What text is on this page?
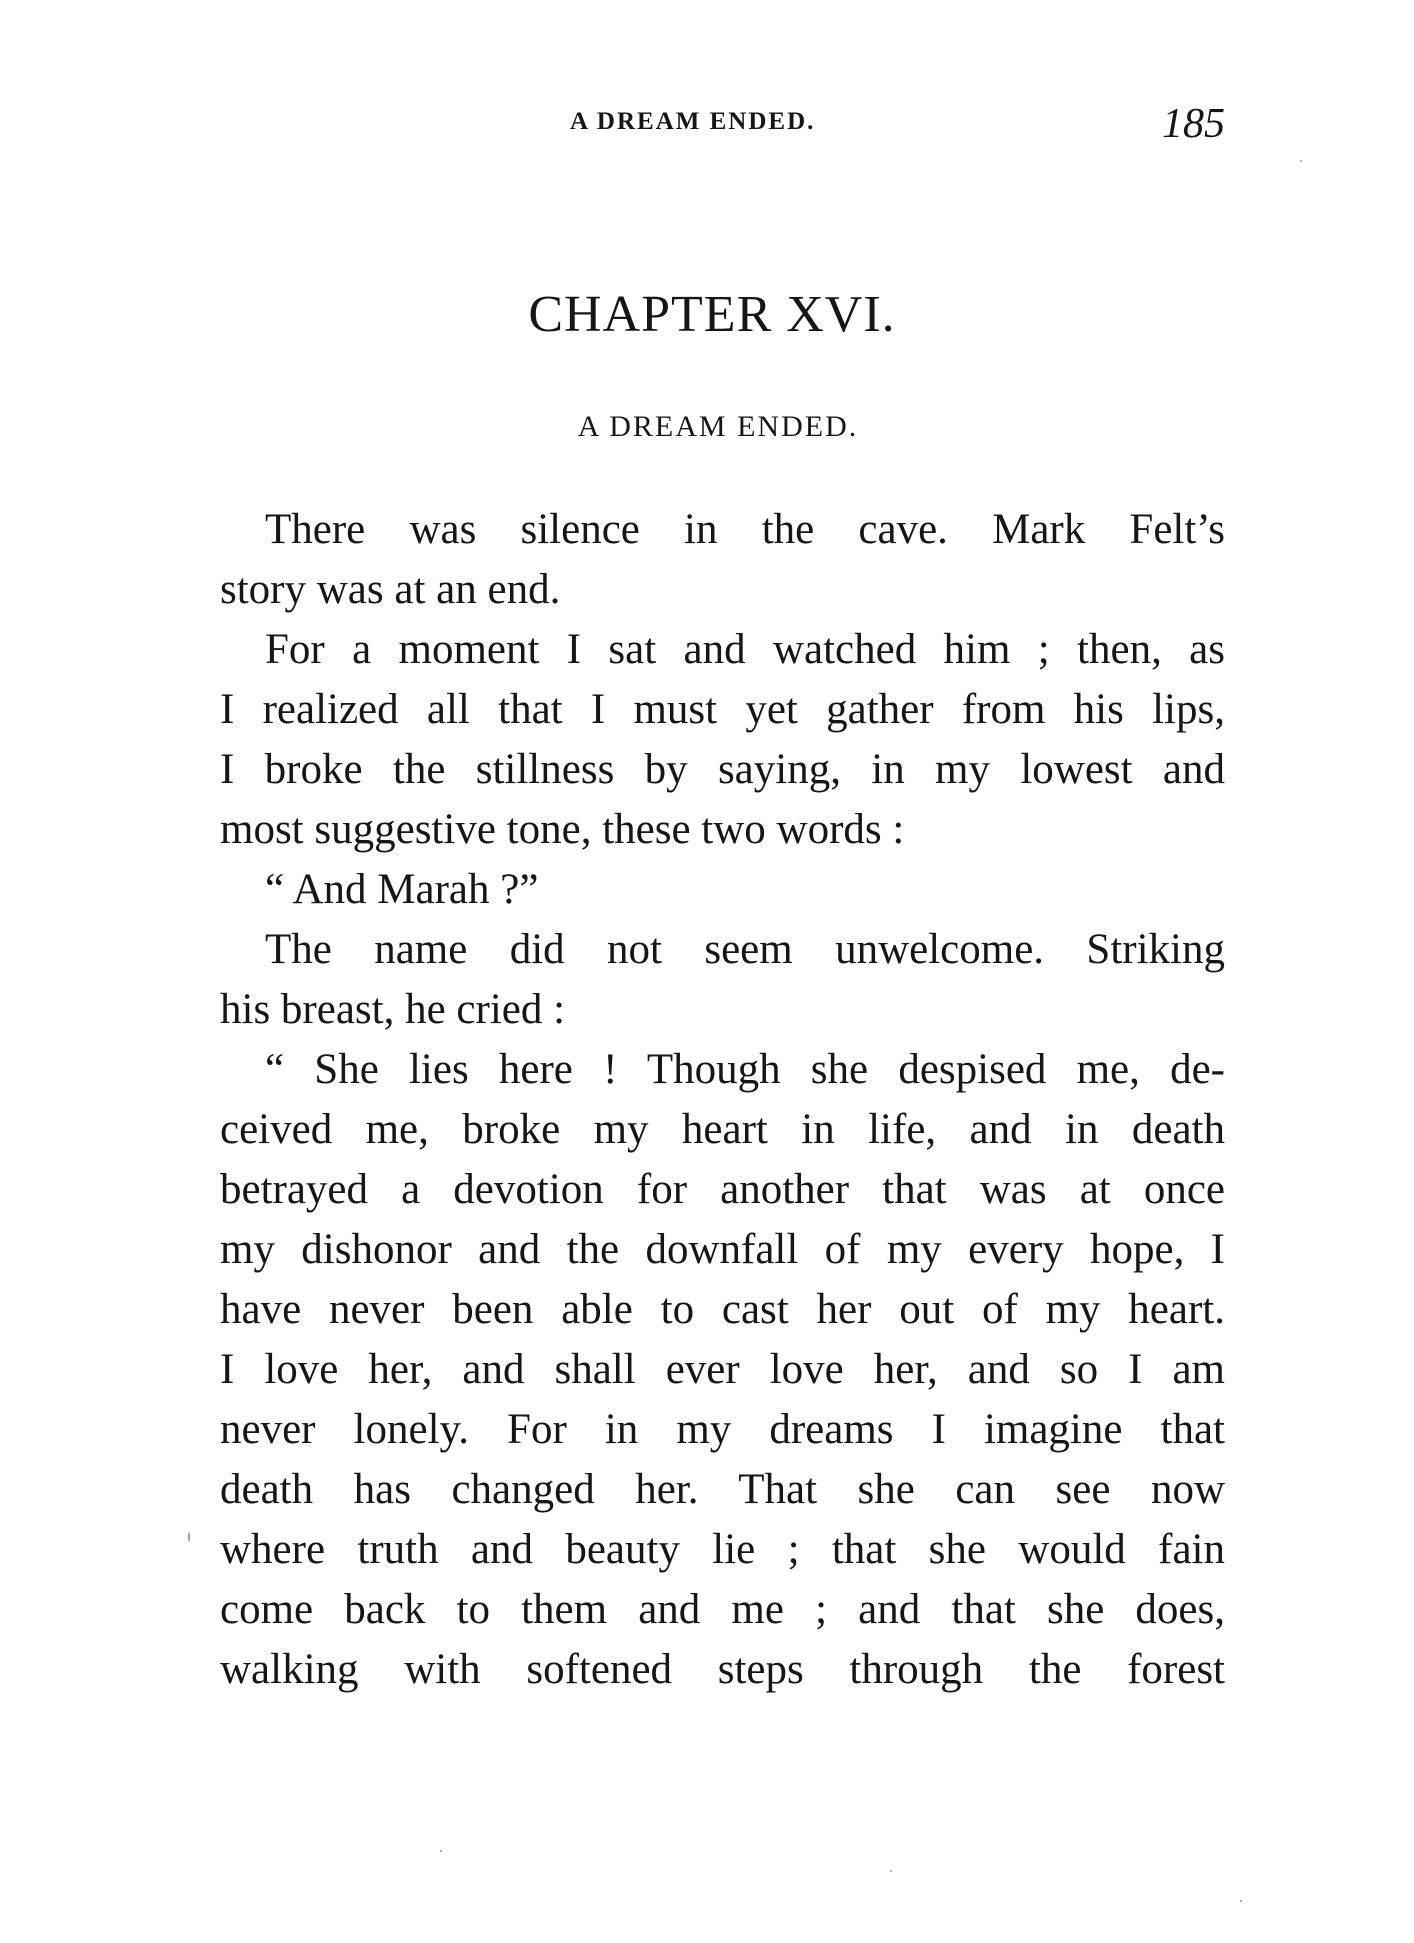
A DREAM ENDED.	185
CHAPTER XVI.
A DREAM ENDED.
There was silence in the cave. Mark Felt’s
story was at an end.
For a moment I sat and watched him ; then, as
I realized all that I must yet gather from his lips,
I broke the stillness by saying, in my lowest and
most suggestive tone, these two words :
“ And Marah ?”
The name did not seem unwelcome. Striking
his breast, he cried :
“ She lies here ! Though she despised me, de-
ceived me, broke my heart in life, and in death
betrayed a devotion for another that was at once
my dishonor and the downfall of my every hope, I
have never been able to cast her out of my heart.
I love her, and shall ever love her, and so I am
never lonely. For in my dreams I imagine that
death has changed her. That she can see now
where truth and beauty lie ; that she would fain
come back to them and me ; and that she does,
walking with softened steps through the forest
